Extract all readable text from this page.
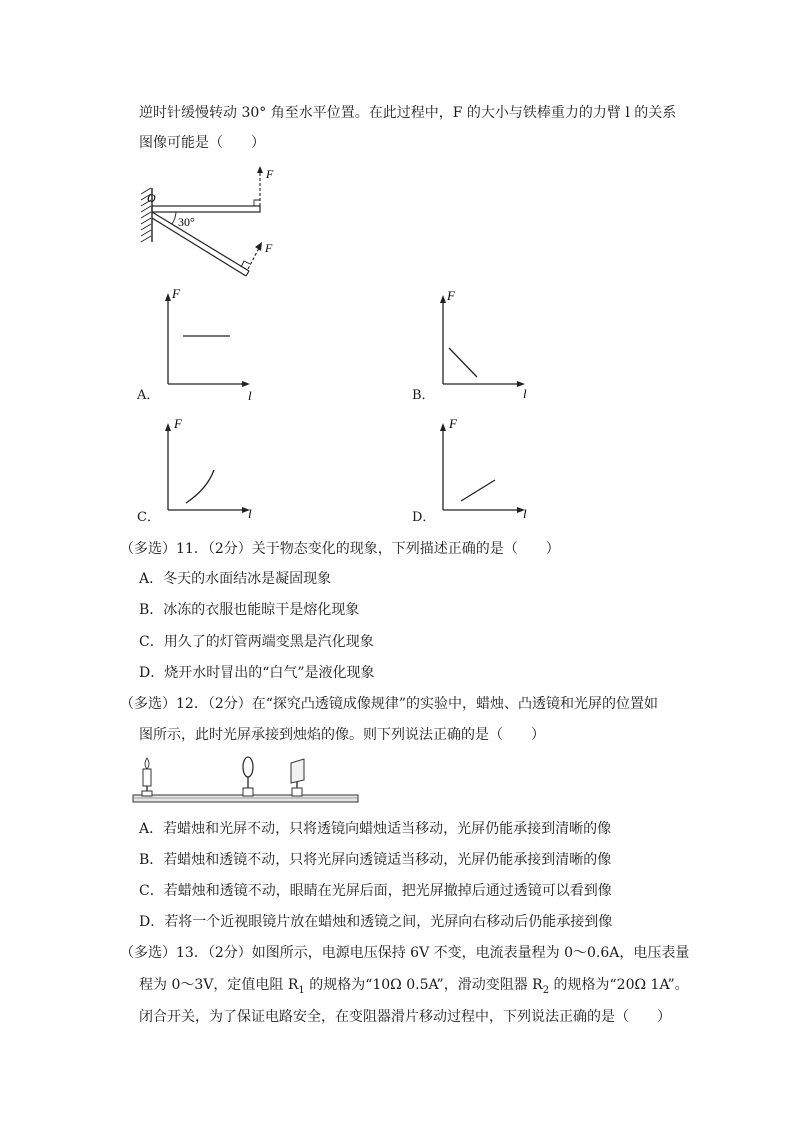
逆时针缓慢转动 30° 角至水平位置。在此过程中，F 的大小与铁棒重力的力臂 l 的关系
图像可能是（　　）
O
30°
F
F
F
l
A．
F
l
B．
F
l
C．
F
l
D．
（多选）11．（2分）关于物态变化的现象，下列描述正确的是（　　）
A．冬天的水面结冰是凝固现象
B．冰冻的衣服也能晾干是熔化现象
C．用久了的灯管两端变黑是汽化现象
D．烧开水时冒出的“白气”是液化现象
（多选）12．（2分）在“探究凸透镜成像规律”的实验中，蜡烛、凸透镜和光屏的位置如
图所示，此时光屏承接到烛焰的像。则下列说法正确的是（　　）
A．若蜡烛和光屏不动，只将透镜向蜡烛适当移动，光屏仍能承接到清晰的像
B．若蜡烛和透镜不动，只将光屏向透镜适当移动，光屏仍能承接到清晰的像
C．若蜡烛和透镜不动，眼睛在光屏后面，把光屏撤掉后通过透镜可以看到像
D．若将一个近视眼镜片放在蜡烛和透镜之间，光屏向右移动后仍能承接到像
（多选）13．（2分）如图所示，电源电压保持 6V 不变，电流表量程为 0～0.6A，电压表量
程为 0～3V，定值电阻 $R_1$ 的规格为“10Ω 0.5A”，滑动变阻器 $R_2$ 的规格为“20Ω 1A”。
闭合开关，为了保证电路安全，在变阻器滑片移动过程中，下列说法正确的是（　　）
